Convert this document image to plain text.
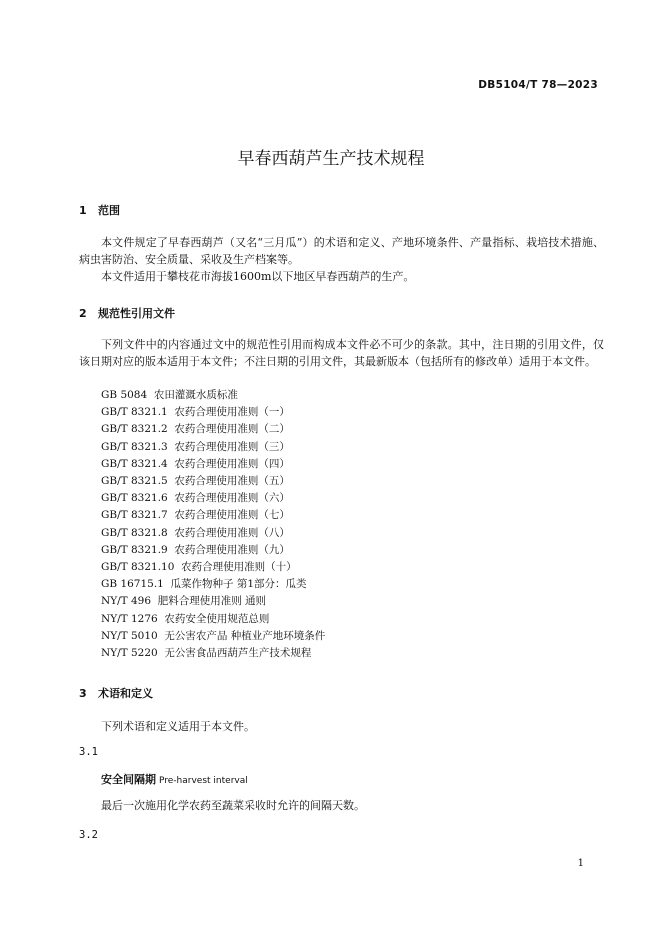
DB5104/T 78—2023
早春西葫芦生产技术规程
1 范围
本文件规定了早春西葫芦（又名“三月瓜”）的术语和定义、产地环境条件、产量指标、栽培技术措施、病虫害防治、安全质量、采收及生产档案等。
本文件适用于攀枝花市海拔1600m以下地区早春西葫芦的生产。
2 规范性引用文件
下列文件中的内容通过文中的规范性引用而构成本文件必不可少的条款。其中，注日期的引用文件，仅该日期对应的版本适用于本文件；不注日期的引用文件，其最新版本（包括所有的修改单）适用于本文件。
GB 5084  农田灌溉水质标准
GB/T 8321.1  农药合理使用准则（一）
GB/T 8321.2  农药合理使用准则（二）
GB/T 8321.3  农药合理使用准则（三）
GB/T 8321.4  农药合理使用准则（四）
GB/T 8321.5  农药合理使用准则（五）
GB/T 8321.6  农药合理使用准则（六）
GB/T 8321.7  农药合理使用准则（七）
GB/T 8321.8  农药合理使用准则（八）
GB/T 8321.9  农药合理使用准则（九）
GB/T 8321.10  农药合理使用准则（十）
GB 16715.1  瓜菜作物种子 第1部分：瓜类
NY/T 496  肥料合理使用准则 通则
NY/T 1276  农药安全使用规范总则
NY/T 5010  无公害农产品 种植业产地环境条件
NY/T 5220  无公害食品西葫芦生产技术规程
3 术语和定义
下列术语和定义适用于本文件。
3.1
安全间隔期 Pre-harvest interval
最后一次施用化学农药至蔬菜采收时允许的间隔天数。
3.2
1
